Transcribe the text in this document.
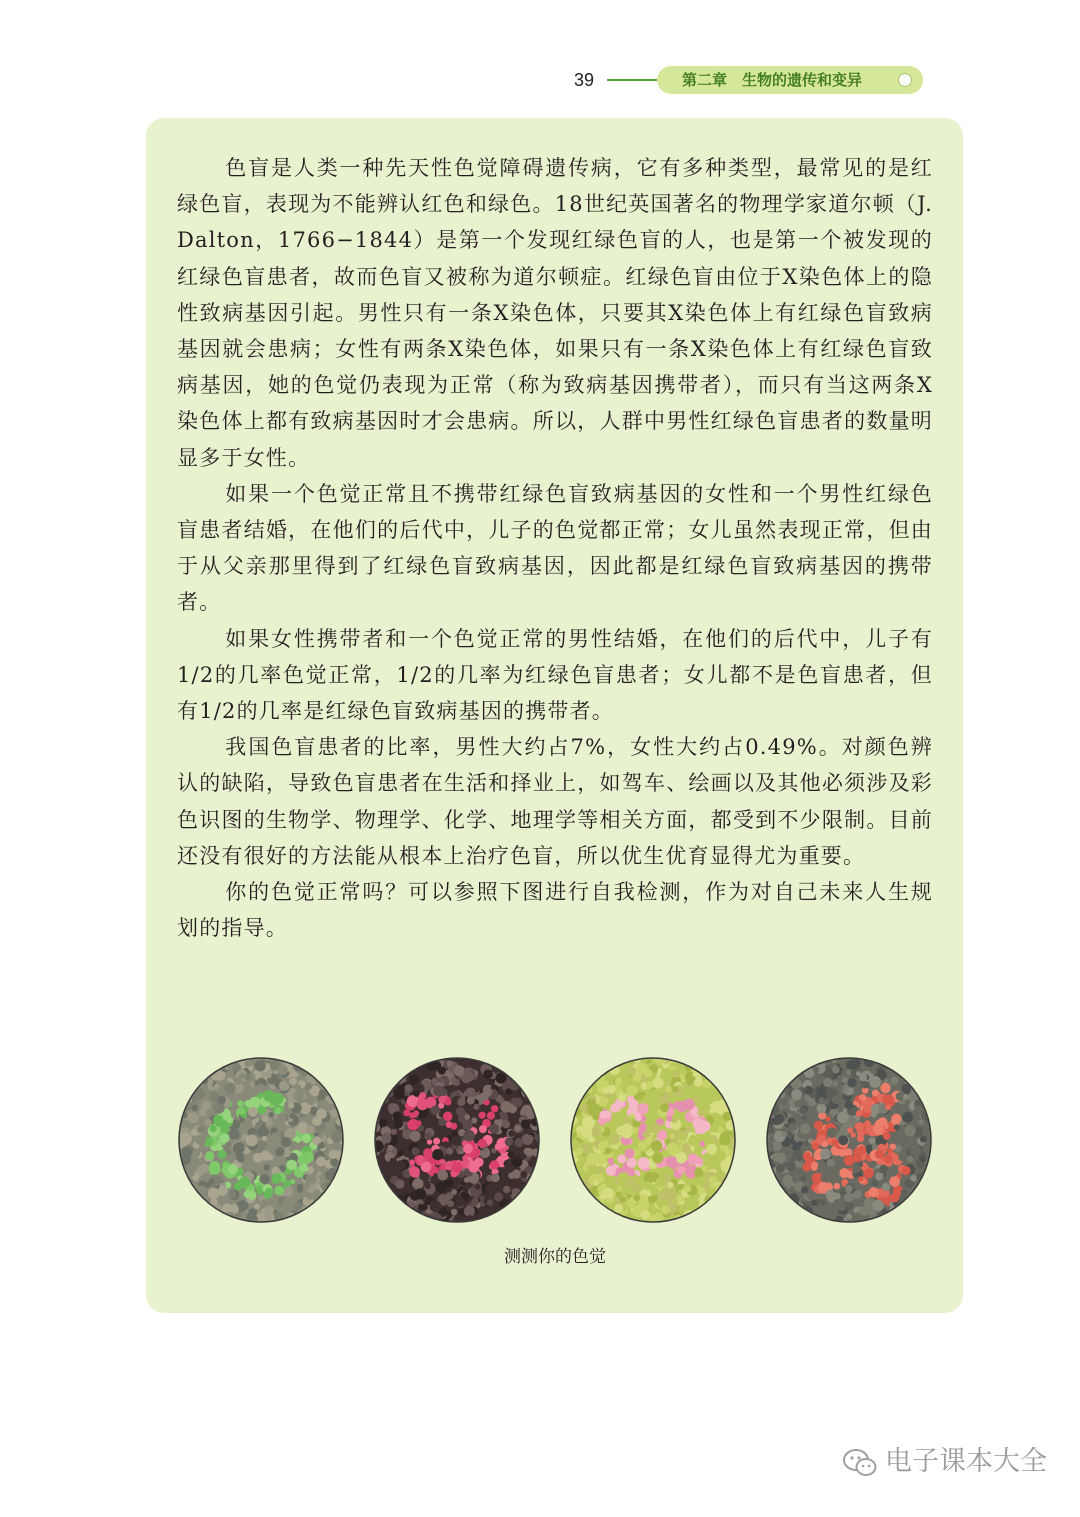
39	第二章　生物的遗传和变异

色盲是人类一种先天性色觉障碍遗传病，它有多种类型，最常见的是红绿色盲，表现为不能辨认红色和绿色。18世纪英国著名的物理学家道尔顿（J.Dalton，1766−1844）是第一个发现红绿色盲的人，也是第一个被发现的红绿色盲患者，故而色盲又被称为道尔顿症。红绿色盲由位于X染色体上的隐性致病基因引起。男性只有一条X染色体，只要其X染色体上有红绿色盲致病基因就会患病；女性有两条X染色体，如果只有一条X染色体上有红绿色盲致病基因，她的色觉仍表现为正常（称为致病基因携带者），而只有当这两条X染色体上都有致病基因时才会患病。所以，人群中男性红绿色盲患者的数量明显多于女性。

如果一个色觉正常且不携带红绿色盲致病基因的女性和一个男性红绿色盲患者结婚，在他们的后代中，儿子的色觉都正常；女儿虽然表现正常，但由于从父亲那里得到了红绿色盲致病基因，因此都是红绿色盲致病基因的携带者。

如果女性携带者和一个色觉正常的男性结婚，在他们的后代中，儿子有1/2的几率色觉正常，1/2的几率为红绿色盲患者；女儿都不是色盲患者，但有1/2的几率是红绿色盲致病基因的携带者。

我国色盲患者的比率，男性大约占7%，女性大约占0.49%。对颜色辨认的缺陷，导致色盲患者在生活和择业上，如驾车、绘画以及其他必须涉及彩色识图的生物学、物理学、化学、地理学等相关方面，都受到不少限制。目前还没有很好的方法能从根本上治疗色盲，所以优生优育显得尤为重要。

你的色觉正常吗？可以参照下图进行自我检测，作为对自己未来人生规划的指导。

测测你的色觉
电子课本大全
